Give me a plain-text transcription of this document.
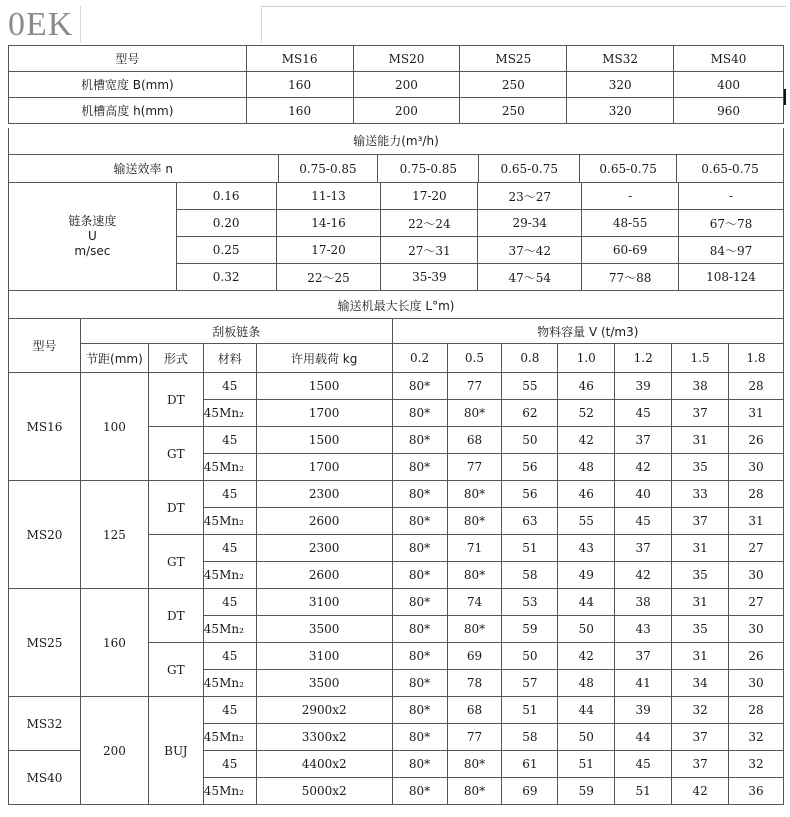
0EK
型号	MS16	MS20	MS25	MS32	MS40
机槽宽度 B(mm)	160	200	250	320	400
机槽高度 h(mm)	160	200	250	320	960
输送能力(m³/h)
输送效率 n	0.75-0.85	0.75-0.85	0.65-0.75	0.65-0.75	0.65-0.75
链条速度
U
m/sec	0.16	11-13	17-20	23～27	-	-
	0.20	14-16	22～24	29-34	48-55	67～78
	0.25	17-20	27～31	37～42	60-69	84～97
	0.32	22～25	35-39	47～54	77～88	108-124
输送机最大长度 L°m)
型号	刮板链条				物料容量 V (t/m3)						
	节距(mm)	形式	材料	许用载荷 kg	0.2	0.5	0.8	1.0	1.2	1.5	1.8
MS16	100	DT	45	1500	80*	77	55	46	39	38	28
			45Mn₂	1700	80*	80*	62	52	45	37	31
		GT	45	1500	80*	68	50	42	37	31	26
			45Mn₂	1700	80*	77	56	48	42	35	30
MS20	125	DT	45	2300	80*	80*	56	46	40	33	28
			45Mn₂	2600	80*	80*	63	55	45	37	31
		GT	45	2300	80*	71	51	43	37	31	27
			45Mn₂	2600	80*	80*	58	49	42	35	30
MS25	160	DT	45	3100	80*	74	53	44	38	31	27
			45Mn₂	3500	80*	80*	59	50	43	35	30
		GT	45	3100	80*	69	50	42	37	31	26
			45Mn₂	3500	80*	78	57	48	41	34	30
MS32	200	BUJ	45	2900x2	80*	68	51	44	39	32	28
			45Mn₂	3300x2	80*	77	58	50	44	37	32
MS40			45	4400x2	80*	80*	61	51	45	37	32
			45Mn₂	5000x2	80*	80*	69	59	51	42	36
